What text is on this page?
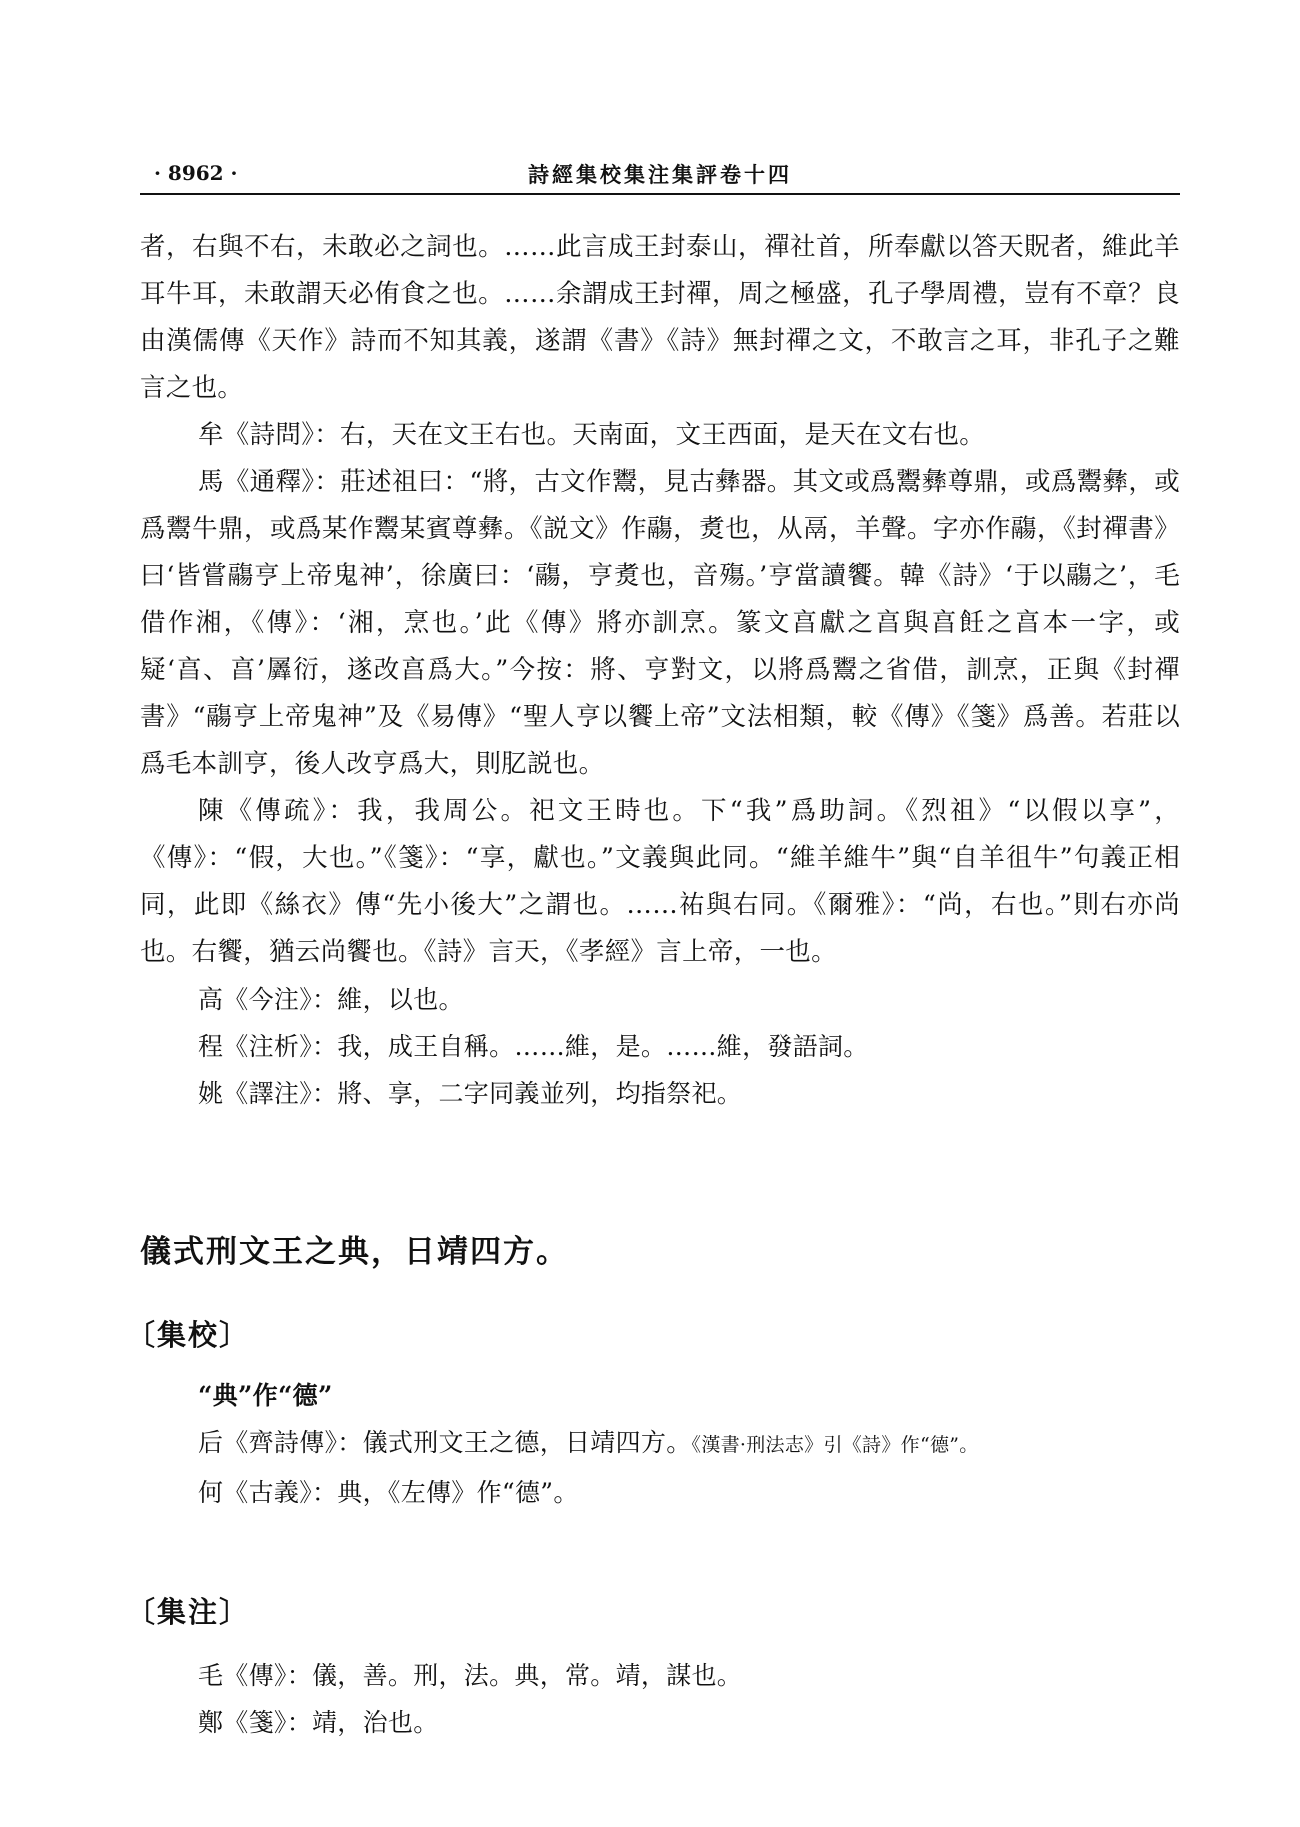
· 8962 ·	詩經集校集注集評卷十四

者，右與不右，未敢必之詞也。……此言成王封泰山，禪社首，所奉獻以答天貺者，維此羊耳牛耳，未敢謂天必侑食之也。……余謂成王封禪，周之極盛，孔子學周禮，豈有不章？良由漢儒傳《天作》詩而不知其義，遂謂《書》《詩》無封禪之文，不敢言之耳，非孔子之難言之也。

牟《詩問》：右，天在文王右也。天南面，文王西面，是天在文右也。

馬《通釋》：莊述祖曰：“將，古文作鬻，見古彝器。其文或爲鬻彝尊鼎，或爲鬻彝，或爲鬻牛鼎，或爲某作鬻某賓尊彝。《説文》作鬺，煑也，从鬲，羊聲。字亦作鬺，《封禪書》曰‘皆嘗鬺亨上帝鬼神’，徐廣曰：‘鬺，亨煑也，音殤。’亨當讀饗。韓《詩》‘于以鬺之’，毛借作湘，《傳》：‘湘，烹也。’此《傳》將亦訓烹。篆文亯獻之亯與亯飪之亯本一字，或疑‘亯、亯’羼衍，遂改亯爲大。”今按：將、亨對文，以將爲鬻之省借，訓烹，正與《封禪書》“鬺亨上帝鬼神”及《易傳》“聖人亨以饗上帝”文法相類，較《傳》《箋》爲善。若莊以爲毛本訓亨，後人改亨爲大，則肊説也。

陳《傳疏》：我，我周公。祀文王時也。下“我”爲助詞。《烈祖》“以假以享”，《傳》：“假，大也。”《箋》：“享，獻也。”文義與此同。“維羊維牛”與“自羊徂牛”句義正相同，此即《絲衣》傳“先小後大”之謂也。……祐與右同。《爾雅》：“尚，右也。”則右亦尚也。右饗，猶云尚饗也。《詩》言天，《孝經》言上帝，一也。

高《今注》：維，以也。

程《注析》：我，成王自稱。……維，是。……維，發語詞。

姚《譯注》：將、享，二字同義並列，均指祭祀。

儀式刑文王之典，日靖四方。

〔集校〕

“典”作“德”

后《齊詩傳》：儀式刑文王之德，日靖四方。《漢書·刑法志》引《詩》作“德”。

何《古義》：典，《左傳》作“德”。

〔集注〕

毛《傳》：儀，善。刑，法。典，常。靖，謀也。

鄭《箋》：靖，治也。
